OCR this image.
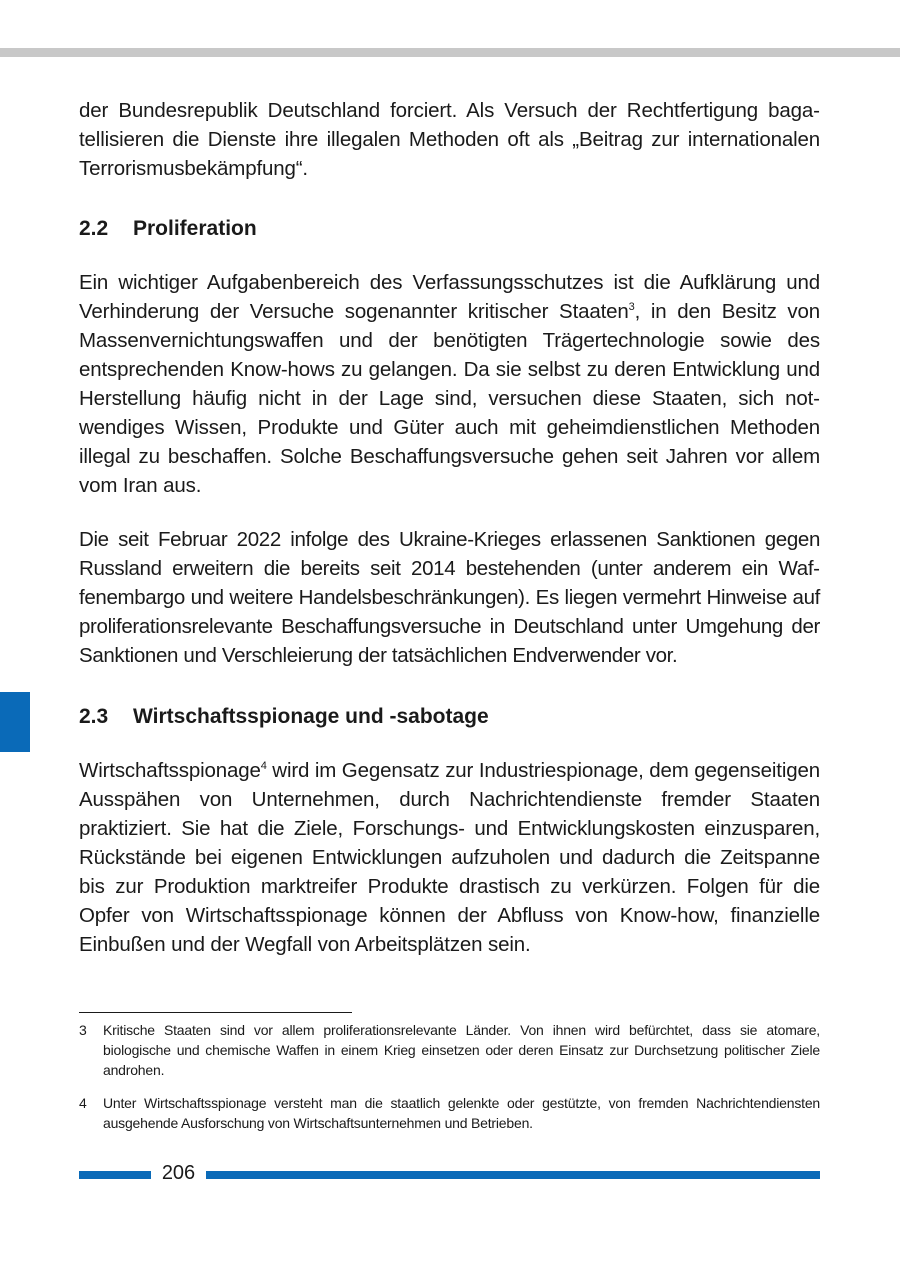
der Bundesrepublik Deutschland forciert. Als Versuch der Rechtfertigung bagatellisieren die Dienste ihre illegalen Methoden oft als „Beitrag zur internationalen Terrorismusbekämpfung“.

2.2 Proliferation

Ein wichtiger Aufgabenbereich des Verfassungsschutzes ist die Aufklärung und Verhinderung der Versuche sogenannter kritischer Staaten$^3$, in den Besitz von Massenvernichtungswaffen und der benötigten Trägertechnologie sowie des entsprechenden Know-hows zu gelangen. Da sie selbst zu deren Entwicklung und Herstellung häufig nicht in der Lage sind, versuchen diese Staaten, sich notwendiges Wissen, Produkte und Güter auch mit geheimdienstlichen Methoden illegal zu beschaffen. Solche Beschaffungsversuche gehen seit Jahren vor allem vom Iran aus.

Die seit Februar 2022 infolge des Ukraine-Krieges erlassenen Sanktionen gegen Russland erweitern die bereits seit 2014 bestehenden (unter anderem ein Waffenembargo und weitere Handelsbeschränkungen). Es liegen vermehrt Hinweise auf proliferationsrelevante Beschaffungsversuche in Deutschland unter Umgehung der Sanktionen und Verschleierung der tatsächlichen Endverwender vor.

2.3 Wirtschaftsspionage und -sabotage

Wirtschaftsspionage$^4$ wird im Gegensatz zur Industriespionage, dem gegenseitigen Ausspähen von Unternehmen, durch Nachrichtendienste fremder Staaten praktiziert. Sie hat die Ziele, Forschungs- und Entwicklungskosten einzusparen, Rückstände bei eigenen Entwicklungen aufzuholen und dadurch die Zeitspanne bis zur Produktion marktreifer Produkte drastisch zu verkürzen. Folgen für die Opfer von Wirtschaftsspionage können der Abfluss von Know-how, finanzielle Einbußen und der Wegfall von Arbeitsplätzen sein.

3 Kritische Staaten sind vor allem proliferationsrelevante Länder. Von ihnen wird befürchtet, dass sie atomare, biologische und chemische Waffen in einem Krieg einsetzen oder deren Einsatz zur Durchsetzung politischer Ziele androhen.
4 Unter Wirtschaftsspionage versteht man die staatlich gelenkte oder gestützte, von fremden Nachrichtendiensten ausgehende Ausforschung von Wirtschaftsunternehmen und Betrieben.
206
